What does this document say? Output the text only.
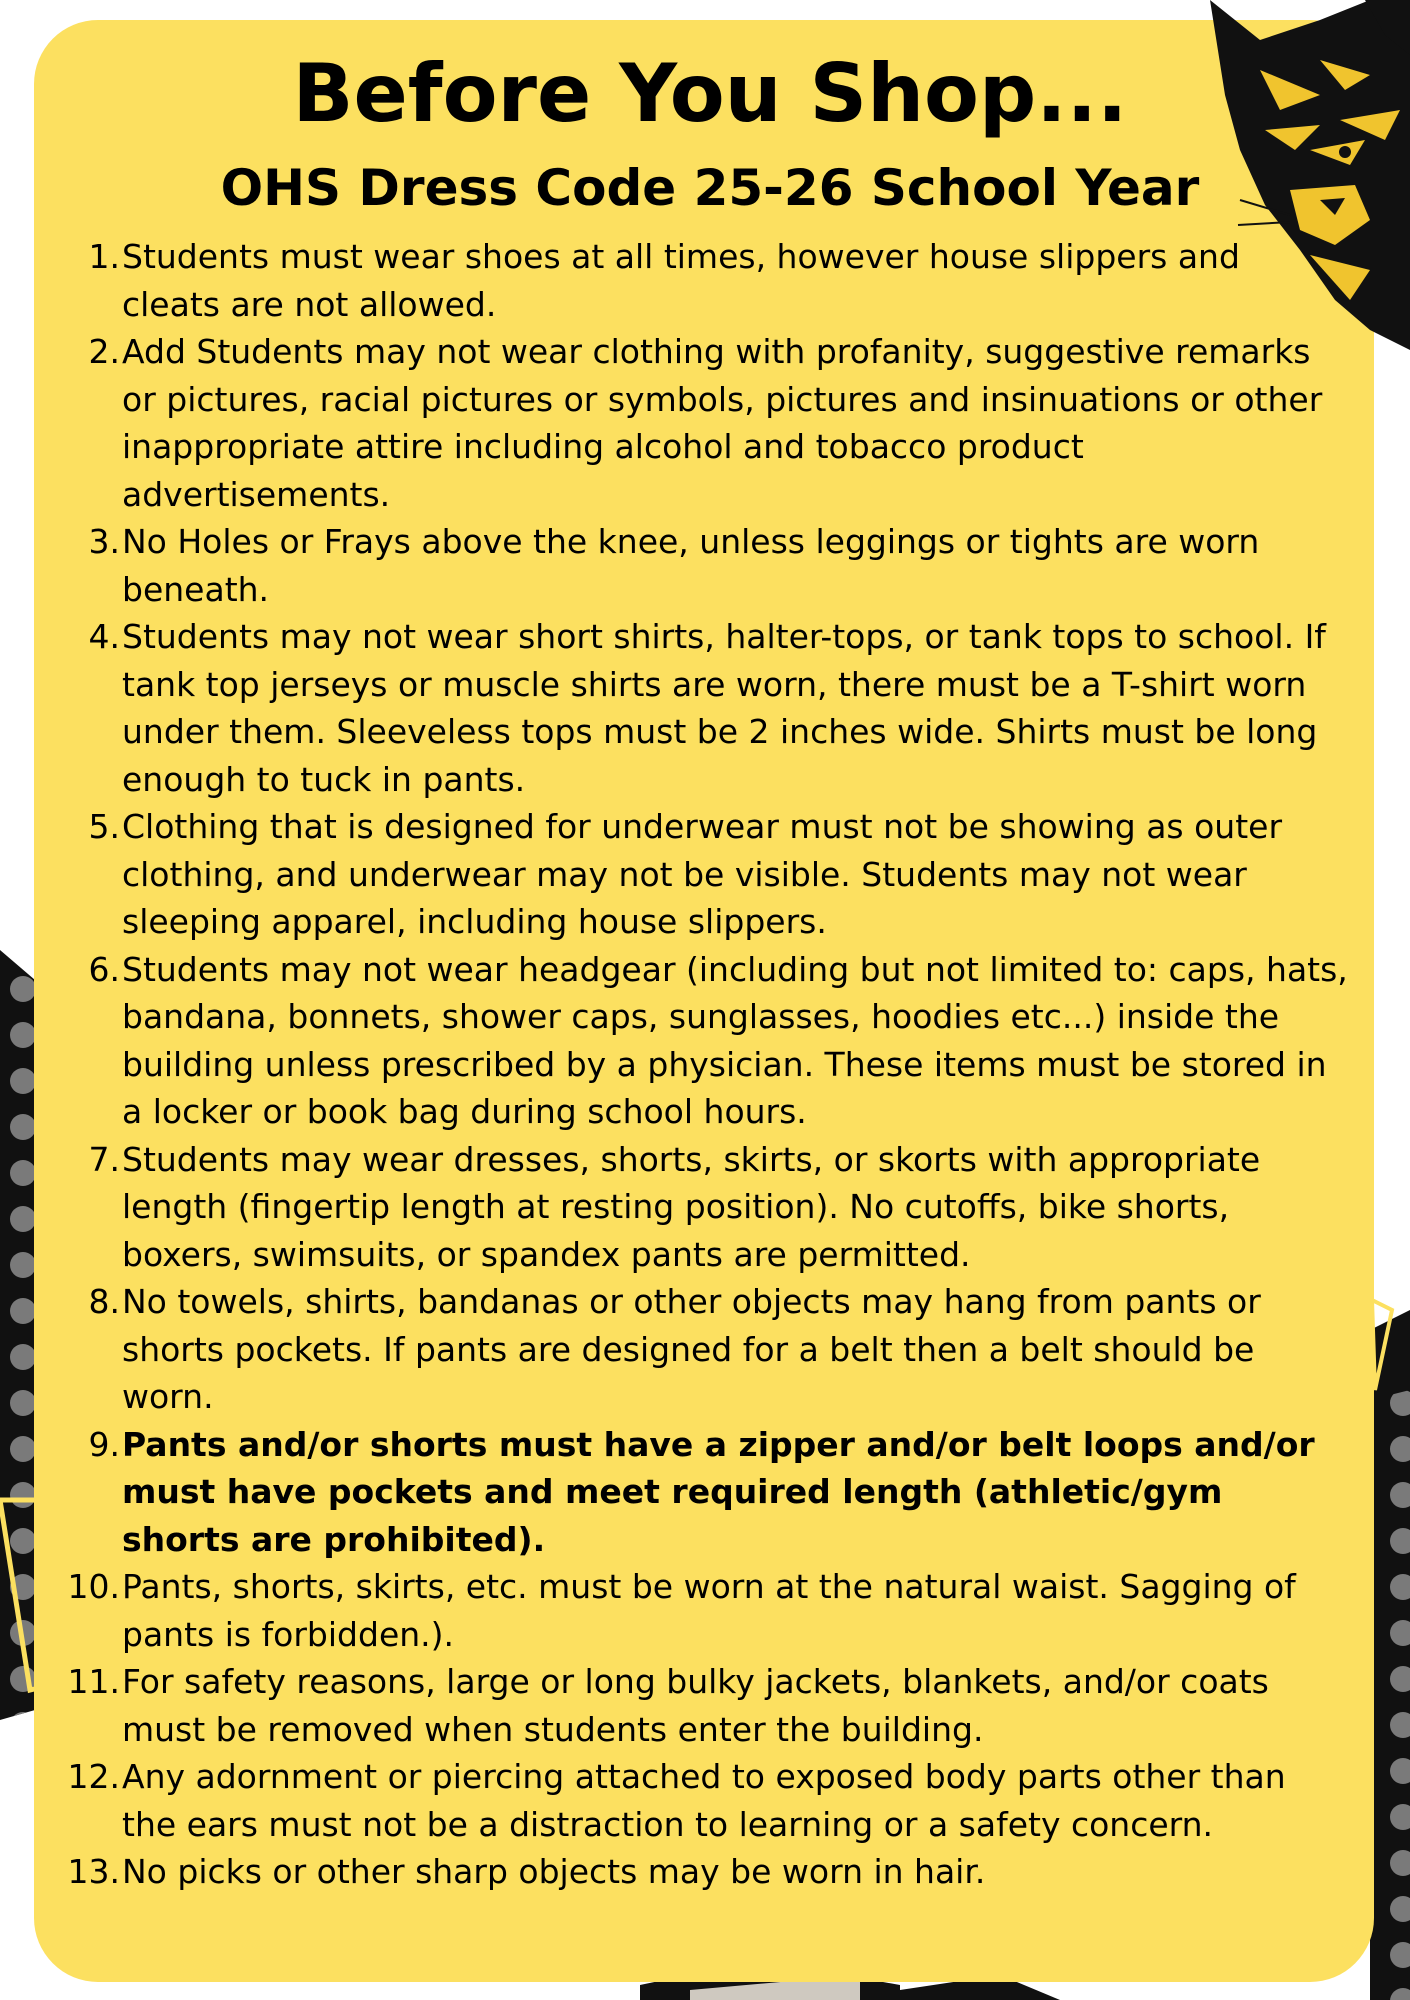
Before You Shop...
OHS Dress Code 25-26 School Year
1. Students must wear shoes at all times, however house slippers and cleats are not allowed.
2. Add Students may not wear clothing with profanity, suggestive remarks or pictures, racial pictures or symbols, pictures and insinuations or other inappropriate attire including alcohol and tobacco product advertisements.
3. No Holes or Frays above the knee, unless leggings or tights are worn beneath.
4. Students may not wear short shirts, halter-tops, or tank tops to school. If tank top jerseys or muscle shirts are worn, there must be a T-shirt worn under them. Sleeveless tops must be 2 inches wide. Shirts must be long enough to tuck in pants.
5. Clothing that is designed for underwear must not be showing as outer clothing, and underwear may not be visible. Students may not wear sleeping apparel, including house slippers.
6. Students may not wear headgear (including but not limited to: caps, hats, bandana, bonnets, shower caps, sunglasses, hoodies etc...) inside the building unless prescribed by a physician. These items must be stored in a locker or book bag during school hours.
7. Students may wear dresses, shorts, skirts, or skorts with appropriate length (fingertip length at resting position). No cutoffs, bike shorts, boxers, swimsuits, or spandex pants are permitted.
8. No towels, shirts, bandanas or other objects may hang from pants or shorts pockets. If pants are designed for a belt then a belt should be worn.
9. Pants and/or shorts must have a zipper and/or belt loops and/or must have pockets and meet required length (athletic/gym shorts are prohibited).
10. Pants, shorts, skirts, etc. must be worn at the natural waist. Sagging of pants is forbidden.).
11. For safety reasons, large or long bulky jackets, blankets, and/or coats must be removed when students enter the building.
12. Any adornment or piercing attached to exposed body parts other than the ears must not be a distraction to learning or a safety concern.
13. No picks or other sharp objects may be worn in hair.
